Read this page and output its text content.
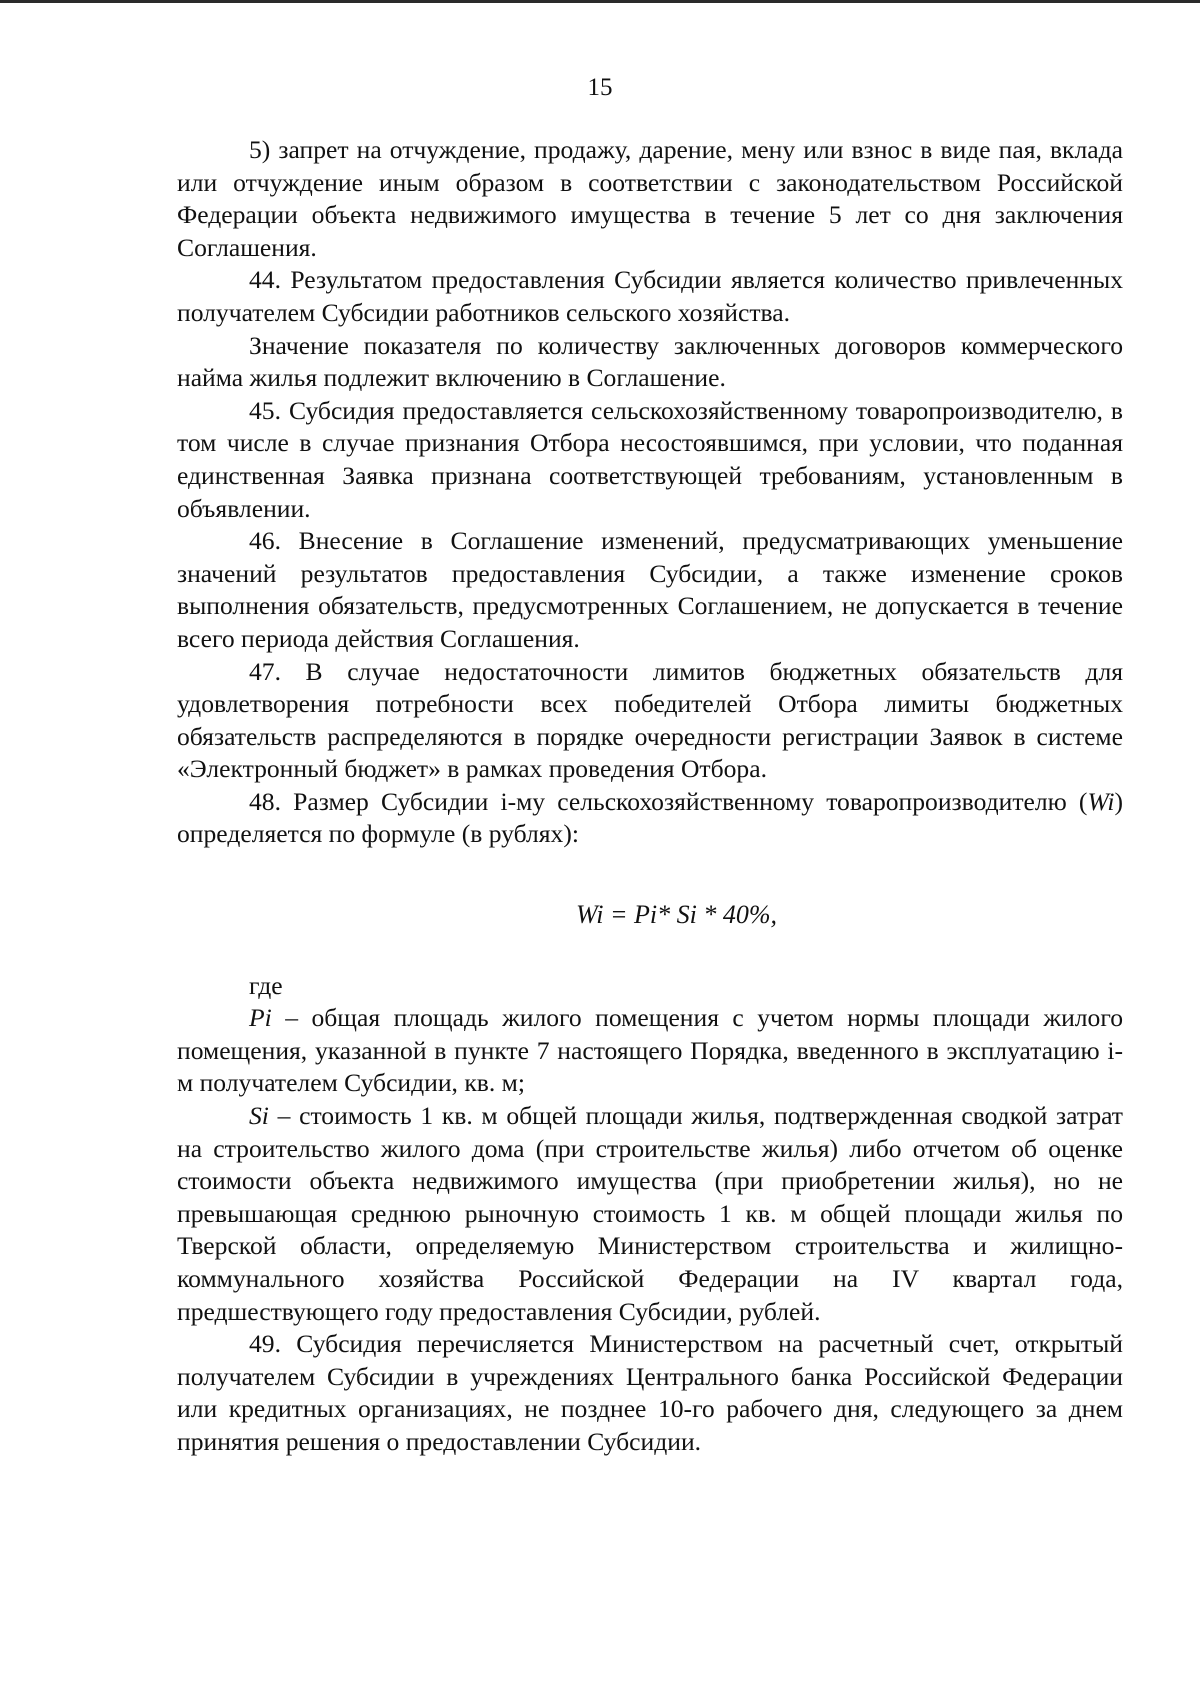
15

5) запрет на отчуждение, продажу, дарение, мену или взнос в виде пая, вклада или отчуждение иным образом в соответствии с законодательством Российской Федерации объекта недвижимого имущества в течение 5 лет со дня заключения Соглашения.

44. Результатом предоставления Субсидии является количество привлеченных получателем Субсидии работников сельского хозяйства.

Значение показателя по количеству заключенных договоров коммерческого найма жилья подлежит включению в Соглашение.

45. Субсидия предоставляется сельскохозяйственному товаропроизводителю, в том числе в случае признания Отбора несостоявшимся, при условии, что поданная единственная Заявка признана соответствующей требованиям, установленным в объявлении.

46. Внесение в Соглашение изменений, предусматривающих уменьшение значений результатов предоставления Субсидии, а также изменение сроков выполнения обязательств, предусмотренных Соглашением, не допускается в течение всего периода действия Соглашения.

47. В случае недостаточности лимитов бюджетных обязательств для удовлетворения потребности всех победителей Отбора лимиты бюджетных обязательств распределяются в порядке очередности регистрации Заявок в системе «Электронный бюджет» в рамках проведения Отбора.

48. Размер Субсидии i-му сельскохозяйственному товаропроизводителю (Wi) определяется по формуле (в рублях):

Wi = Pi* Si * 40%,

где

Pi – общая площадь жилого помещения с учетом нормы площади жилого помещения, указанной в пункте 7 настоящего Порядка, введенного в эксплуатацию i-м получателем Субсидии, кв. м;

Si – стоимость 1 кв. м общей площади жилья, подтвержденная сводкой затрат на строительство жилого дома (при строительстве жилья) либо отчетом об оценке стоимости объекта недвижимого имущества (при приобретении жилья), но не превышающая среднюю рыночную стоимость 1 кв. м общей площади жилья по Тверской области, определяемую Министерством строительства и жилищно-коммунального хозяйства Российской Федерации на IV квартал года, предшествующего году предоставления Субсидии, рублей.

49. Субсидия перечисляется Министерством на расчетный счет, открытый получателем Субсидии в учреждениях Центрального банка Российской Федерации или кредитных организациях, не позднее 10-го рабочего дня, следующего за днем принятия решения о предоставлении Субсидии.
